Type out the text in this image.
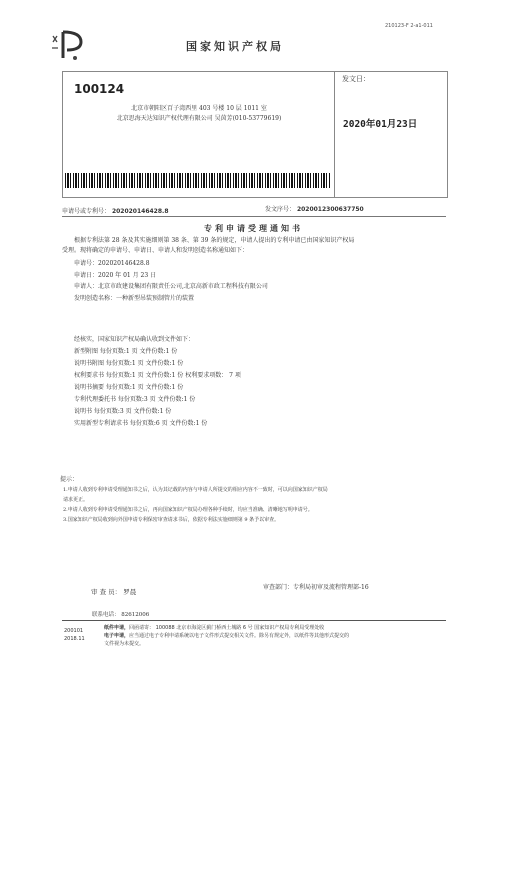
210123-F 2-a1-011
国家知识产权局
100124
北京市朝阳区百子湾西里 403 号楼 10 层 1011 室
北京思海天达知识产权代理有限公司 吴茵芳(010-53779619)
发文日：
2020年01月23日
申请号或专利号： 202020146428.8	发文序号： 2020012300637750
专利申请受理通知书
根据专利法第 28 条及其实施细则第 38 条、第 39 条的规定，申请人提出的专利申请已由国家知识产权局
受理。现将确定的申请号、申请日、申请人和发明创造名称通知如下：
申请号：202020146428.8
申请日：2020 年 01 月 23 日
申请人：北京市政建设集团有限责任公司,北京高新市政工程科技有限公司
发明创造名称：一种新型吊装预制管片的装置
经核实，国家知识产权局确认收到文件如下：
新型附图 每份页数:1 页 文件份数:1 份
说明书附图 每份页数:1 页 文件份数:1 份
权利要求书 每份页数:1 页 文件份数:1 份 权利要求项数： 7 项
说明书摘要 每份页数:1 页 文件份数:1 份
专利代理委托书 每份页数:3 页 文件份数:1 份
说明书 每份页数:3 页 文件份数:1 份
实用新型专利请求书 每份页数:6 页 文件份数:1 份
提示：

1.申请人收到专利申请受理通知书之后，认为其记载的内容与申请人所提交的相应内容不一致时，可以向国家知识产权局

请求更正。

2.申请人收到专利申请受理通知书之后，再向国家知识产权局办理各种手续时，均应当准确、清晰地写明申请号。

3.国家知识产权局收到向外国申请专利保密审查请求书后，依据专利法实施细则第 9 条予以审查。

审 查 员： 罗晨
审查部门：专利局初审及流程管理部-16
联系电话： 82612006
200101
2018.11

纸件申请，回函请寄： 100088 北京市海淀区蓟门桥西土城路 6 号 国家知识产权局专利局受理处收

电子申请，应当通过电子专利申请系统以电子文件形式提交相关文件。除另有规定外，以纸件等其他形式提交的

文件视为未提交。
